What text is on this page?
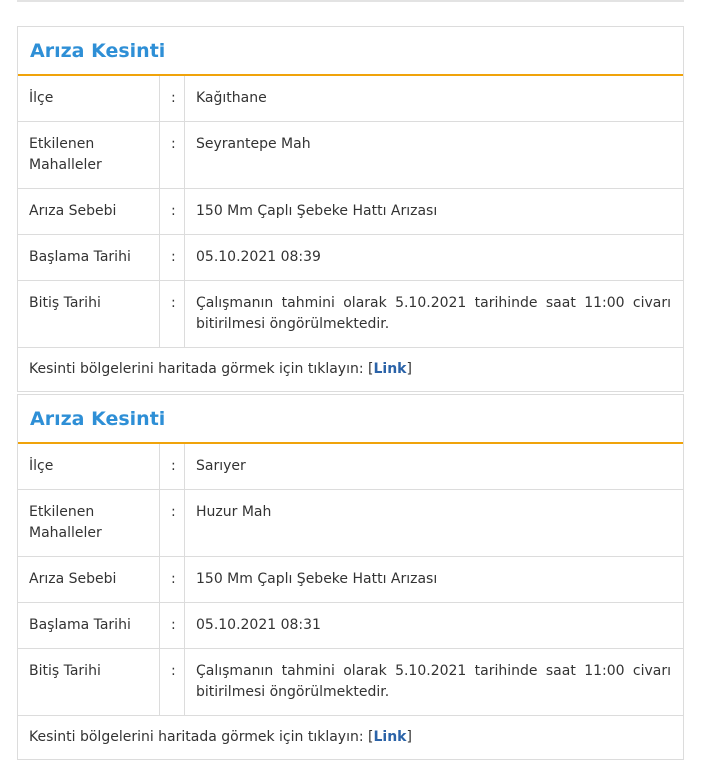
Arıza Kesinti
İlçe	:	Kağıthane
Etkilenen Mahalleler	:	Seyrantepe Mah
Arıza Sebebi	:	150 Mm Çaplı Şebeke Hattı Arızası
Başlama Tarihi	:	05.10.2021 08:39
Bitiş Tarihi	:	Çalışmanın tahmini olarak 5.10.2021 tarihinde saat 11:00 civarı bitirilmesi öngörülmektedir.
Kesinti bölgelerini haritada görmek için tıklayın: [Link]
Arıza Kesinti
İlçe	:	Sarıyer
Etkilenen Mahalleler	:	Huzur Mah
Arıza Sebebi	:	150 Mm Çaplı Şebeke Hattı Arızası
Başlama Tarihi	:	05.10.2021 08:31
Bitiş Tarihi	:	Çalışmanın tahmini olarak 5.10.2021 tarihinde saat 11:00 civarı bitirilmesi öngörülmektedir.
Kesinti bölgelerini haritada görmek için tıklayın: [Link]
